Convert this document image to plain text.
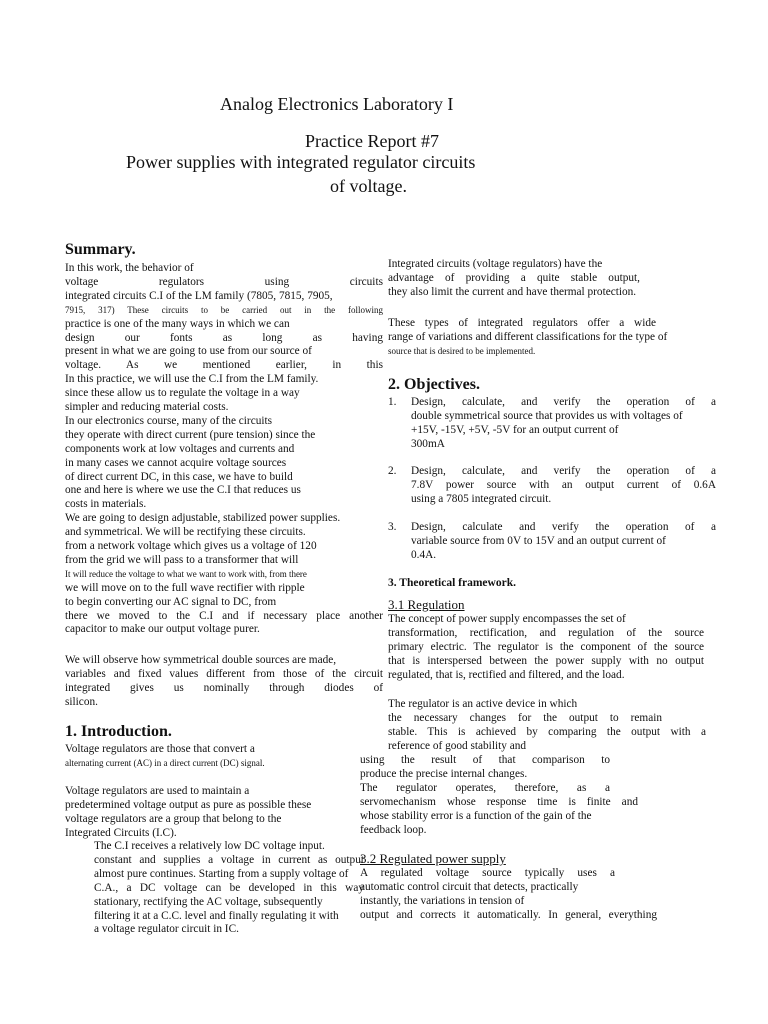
Analog Electronics Laboratory I
Practice Report #7
Power supplies with integrated regulator circuits
of voltage.
Summary.
In this work, the behavior of
voltage regulators using circuits
integrated circuits C.I of the LM family (7805, 7815, 7905,
7915, 317) These circuits to be carried out in the following
practice is one of the many ways in which we can
design our fonts as long as having
present in what we are going to use from our source of
voltage. As we mentioned earlier, in this
In this practice, we will use the C.I from the LM family.
since these allow us to regulate the voltage in a way
simpler and reducing material costs.
In our electronics course, many of the circuits
they operate with direct current (pure tension) since the
components work at low voltages and currents and
in many cases we cannot acquire voltage sources
of direct current DC, in this case, we have to build
one and here is where we use the C.I that reduces us
costs in materials.
We are going to design adjustable, stabilized power supplies.
and symmetrical. We will be rectifying these circuits.
from a network voltage which gives us a voltage of 120
from the grid we will pass to a transformer that will
It will reduce the voltage to what we want to work with, from there
we will move on to the full wave rectifier with ripple
to begin converting our AC signal to DC, from
there we moved to the C.I and if necessary place another
capacitor to make our output voltage purer.
We will observe how symmetrical double sources are made,
variables and fixed values different from those of the circuit
integrated gives us nominally through diodes of
silicon.
1. Introduction.
Voltage regulators are those that convert a
alternating current (AC) in a direct current (DC) signal.
Voltage regulators are used to maintain a
predetermined voltage output as pure as possible these
voltage regulators are a group that belong to the
Integrated Circuits (I.C).
The C.I receives a relatively low DC voltage input.
constant and supplies a voltage in current as output
almost pure continues. Starting from a supply voltage of
C.A., a DC voltage can be developed in this way
stationary, rectifying the AC voltage, subsequently
filtering it at a C.C. level and finally regulating it with
a voltage regulator circuit in IC.
Integrated circuits (voltage regulators) have the
advantage of providing a quite stable output,
they also limit the current and have thermal protection.
These types of integrated regulators offer a wide
range of variations and different classifications for the type of
source that is desired to be implemented.
The concept of power supply encompasses the set of
transformation, rectification, and regulation of the source
primary electric. The regulator is the component of the source
that is interspersed between the power supply with no output
regulated, that is, rectified and filtered, and the load.
The regulator is an active device in which
the necessary changes for the output to remain
stable. This is achieved by comparing the output with a
reference of good stability and
using the result of that comparison to
produce the precise internal changes.
The regulator operates, therefore, as a
servomechanism whose response time is finite and
whose stability error is a function of the gain of the
feedback loop.
A regulated voltage source typically uses a
automatic control circuit that detects, practically
instantly, the variations in tension of
output and corrects it automatically. In general, everything
2. Objectives.
1. Design, calculate, and verify the operation of a
double symmetrical source that provides us with voltages of
+15V, -15V, +5V, -5V for an output current of
300mA
2. Design, calculate, and verify the operation of a
7.8V power source with an output current of 0.6A
using a 7805 integrated circuit.
3. Design, calculate and verify the operation of a
variable source from 0V to 15V and an output current of
0.4A.
3. Theoretical framework.
3.1 Regulation
3.2 Regulated power supply
